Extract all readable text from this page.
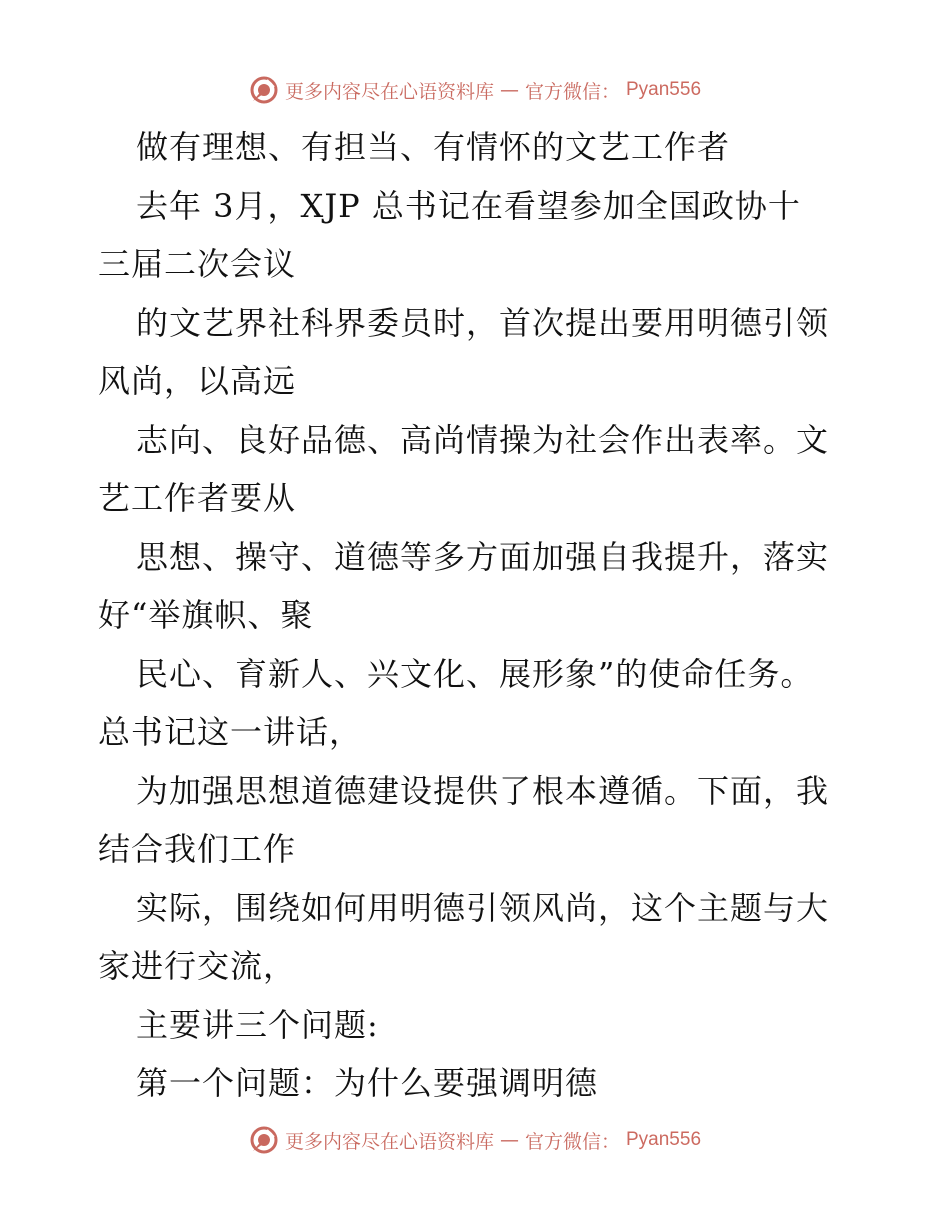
更多内容尽在心语资料库 — 官方微信： Pyan556
做有理想、有担当、有情怀的文艺工作者
去年 3月，XJP 总书记在看望参加全国政协十
三届二次会议
的文艺界社科界委员时，首次提出要用明德引领
风尚，以高远
志向、良好品德、高尚情操为社会作出表率。文
艺工作者要从
思想、操守、道德等多方面加强自我提升，落实
好“举旗帜、聚
民心、育新人、兴文化、展形象”的使命任务。
总书记这一讲话，
为加强思想道德建设提供了根本遵循。下面，我
结合我们工作
实际，围绕如何用明德引领风尚，这个主题与大
家进行交流，
主要讲三个问题:
第一个问题：为什么要强调明德
更多内容尽在心语资料库 — 官方微信： Pyan556
